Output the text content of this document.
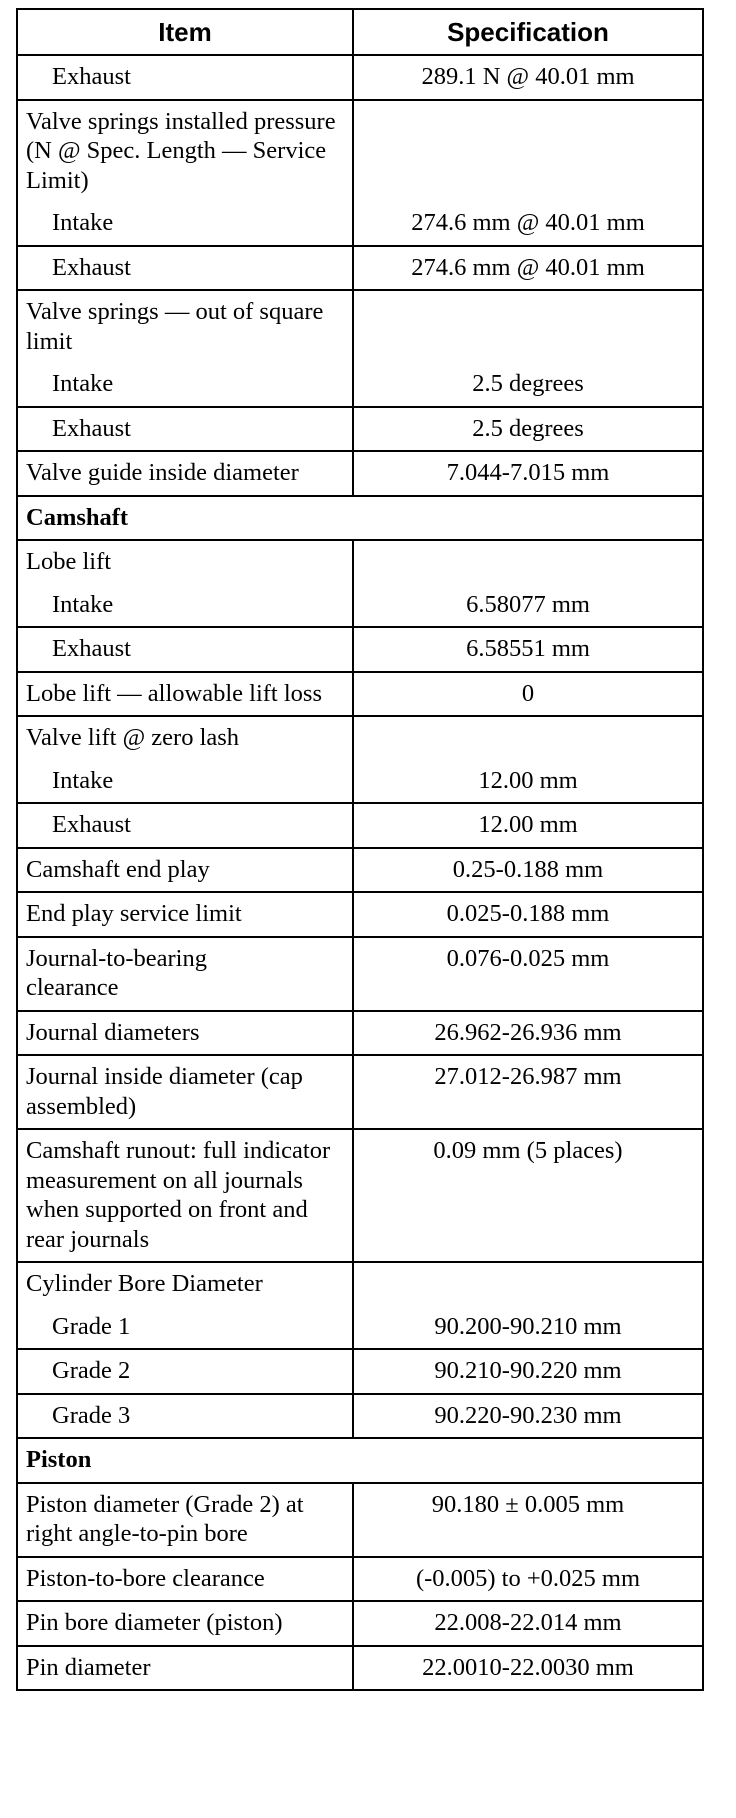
Item	Specification
Exhaust	289.1 N @ 40.01 mm
Valve springs installed pressure (N @ Spec. Length — Service Limit)	
Intake	274.6 mm @ 40.01 mm
Exhaust	274.6 mm @ 40.01 mm
Valve springs — out of square limit	
Intake	2.5 degrees
Exhaust	2.5 degrees
Valve guide inside diameter	7.044-7.015 mm
Camshaft	
Lobe lift	
Intake	6.58077 mm
Exhaust	6.58551 mm
Lobe lift — allowable lift loss	0
Valve lift @ zero lash	
Intake	12.00 mm
Exhaust	12.00 mm
Camshaft end play	0.25-0.188 mm
End play service limit	0.025-0.188 mm
Journal-to-bearing clearance	0.076-0.025 mm
Journal diameters	26.962-26.936 mm
Journal inside diameter (cap assembled)	27.012-26.987 mm
Camshaft runout: full indicator measurement on all journals when supported on front and rear journals	0.09 mm (5 places)
Cylinder Bore Diameter	
Grade 1	90.200-90.210 mm
Grade 2	90.210-90.220 mm
Grade 3	90.220-90.230 mm
Piston	
Piston diameter (Grade 2) at right angle-to-pin bore	90.180 ± 0.005 mm
Piston-to-bore clearance	(-0.005) to +0.025 mm
Pin bore diameter (piston)	22.008-22.014 mm
Pin diameter	22.0010-22.0030 mm
